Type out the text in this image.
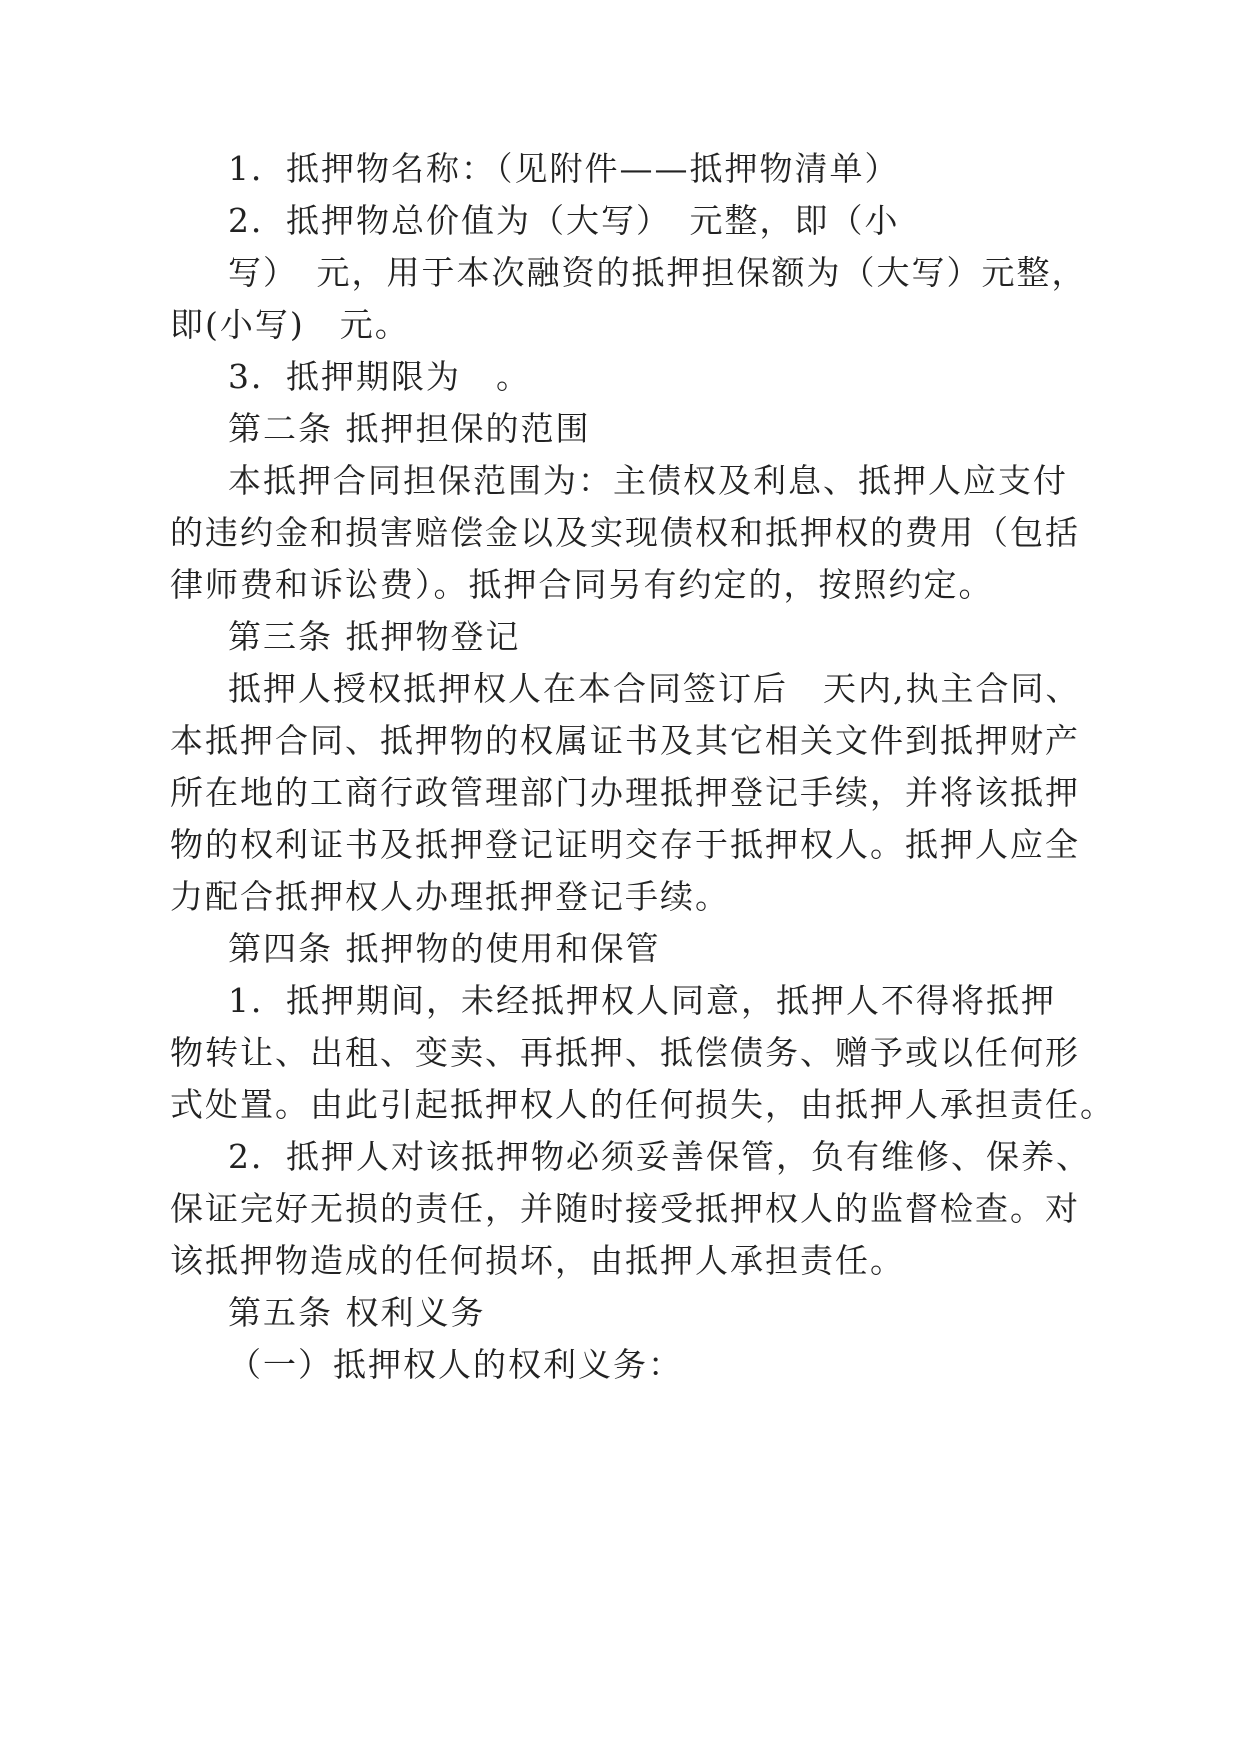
1．抵押物名称：（见附件——抵押物清单）
2．抵押物总价值为（大写）　元整，即（小
写）　元，用于本次融资的抵押担保额为（大写）元整，
即(小写)　元。
3．抵押期限为　。
第二条 抵押担保的范围
本抵押合同担保范围为：主债权及利息、抵押人应支付
的违约金和损害赔偿金以及实现债权和抵押权的费用（包括
律师费和诉讼费）。抵押合同另有约定的，按照约定。
第三条 抵押物登记
抵押人授权抵押权人在本合同签订后　天内,执主合同、
本抵押合同、抵押物的权属证书及其它相关文件到抵押财产
所在地的工商行政管理部门办理抵押登记手续，并将该抵押
物的权利证书及抵押登记证明交存于抵押权人。抵押人应全
力配合抵押权人办理抵押登记手续。
第四条 抵押物的使用和保管
1．抵押期间，未经抵押权人同意，抵押人不得将抵押
物转让、出租、变卖、再抵押、抵偿债务、赠予或以任何形
式处置。由此引起抵押权人的任何损失，由抵押人承担责任。
2．抵押人对该抵押物必须妥善保管，负有维修、保养、
保证完好无损的责任，并随时接受抵押权人的监督检查。对
该抵押物造成的任何损坏，由抵押人承担责任。
第五条 权利义务
（一）抵押权人的权利义务：
